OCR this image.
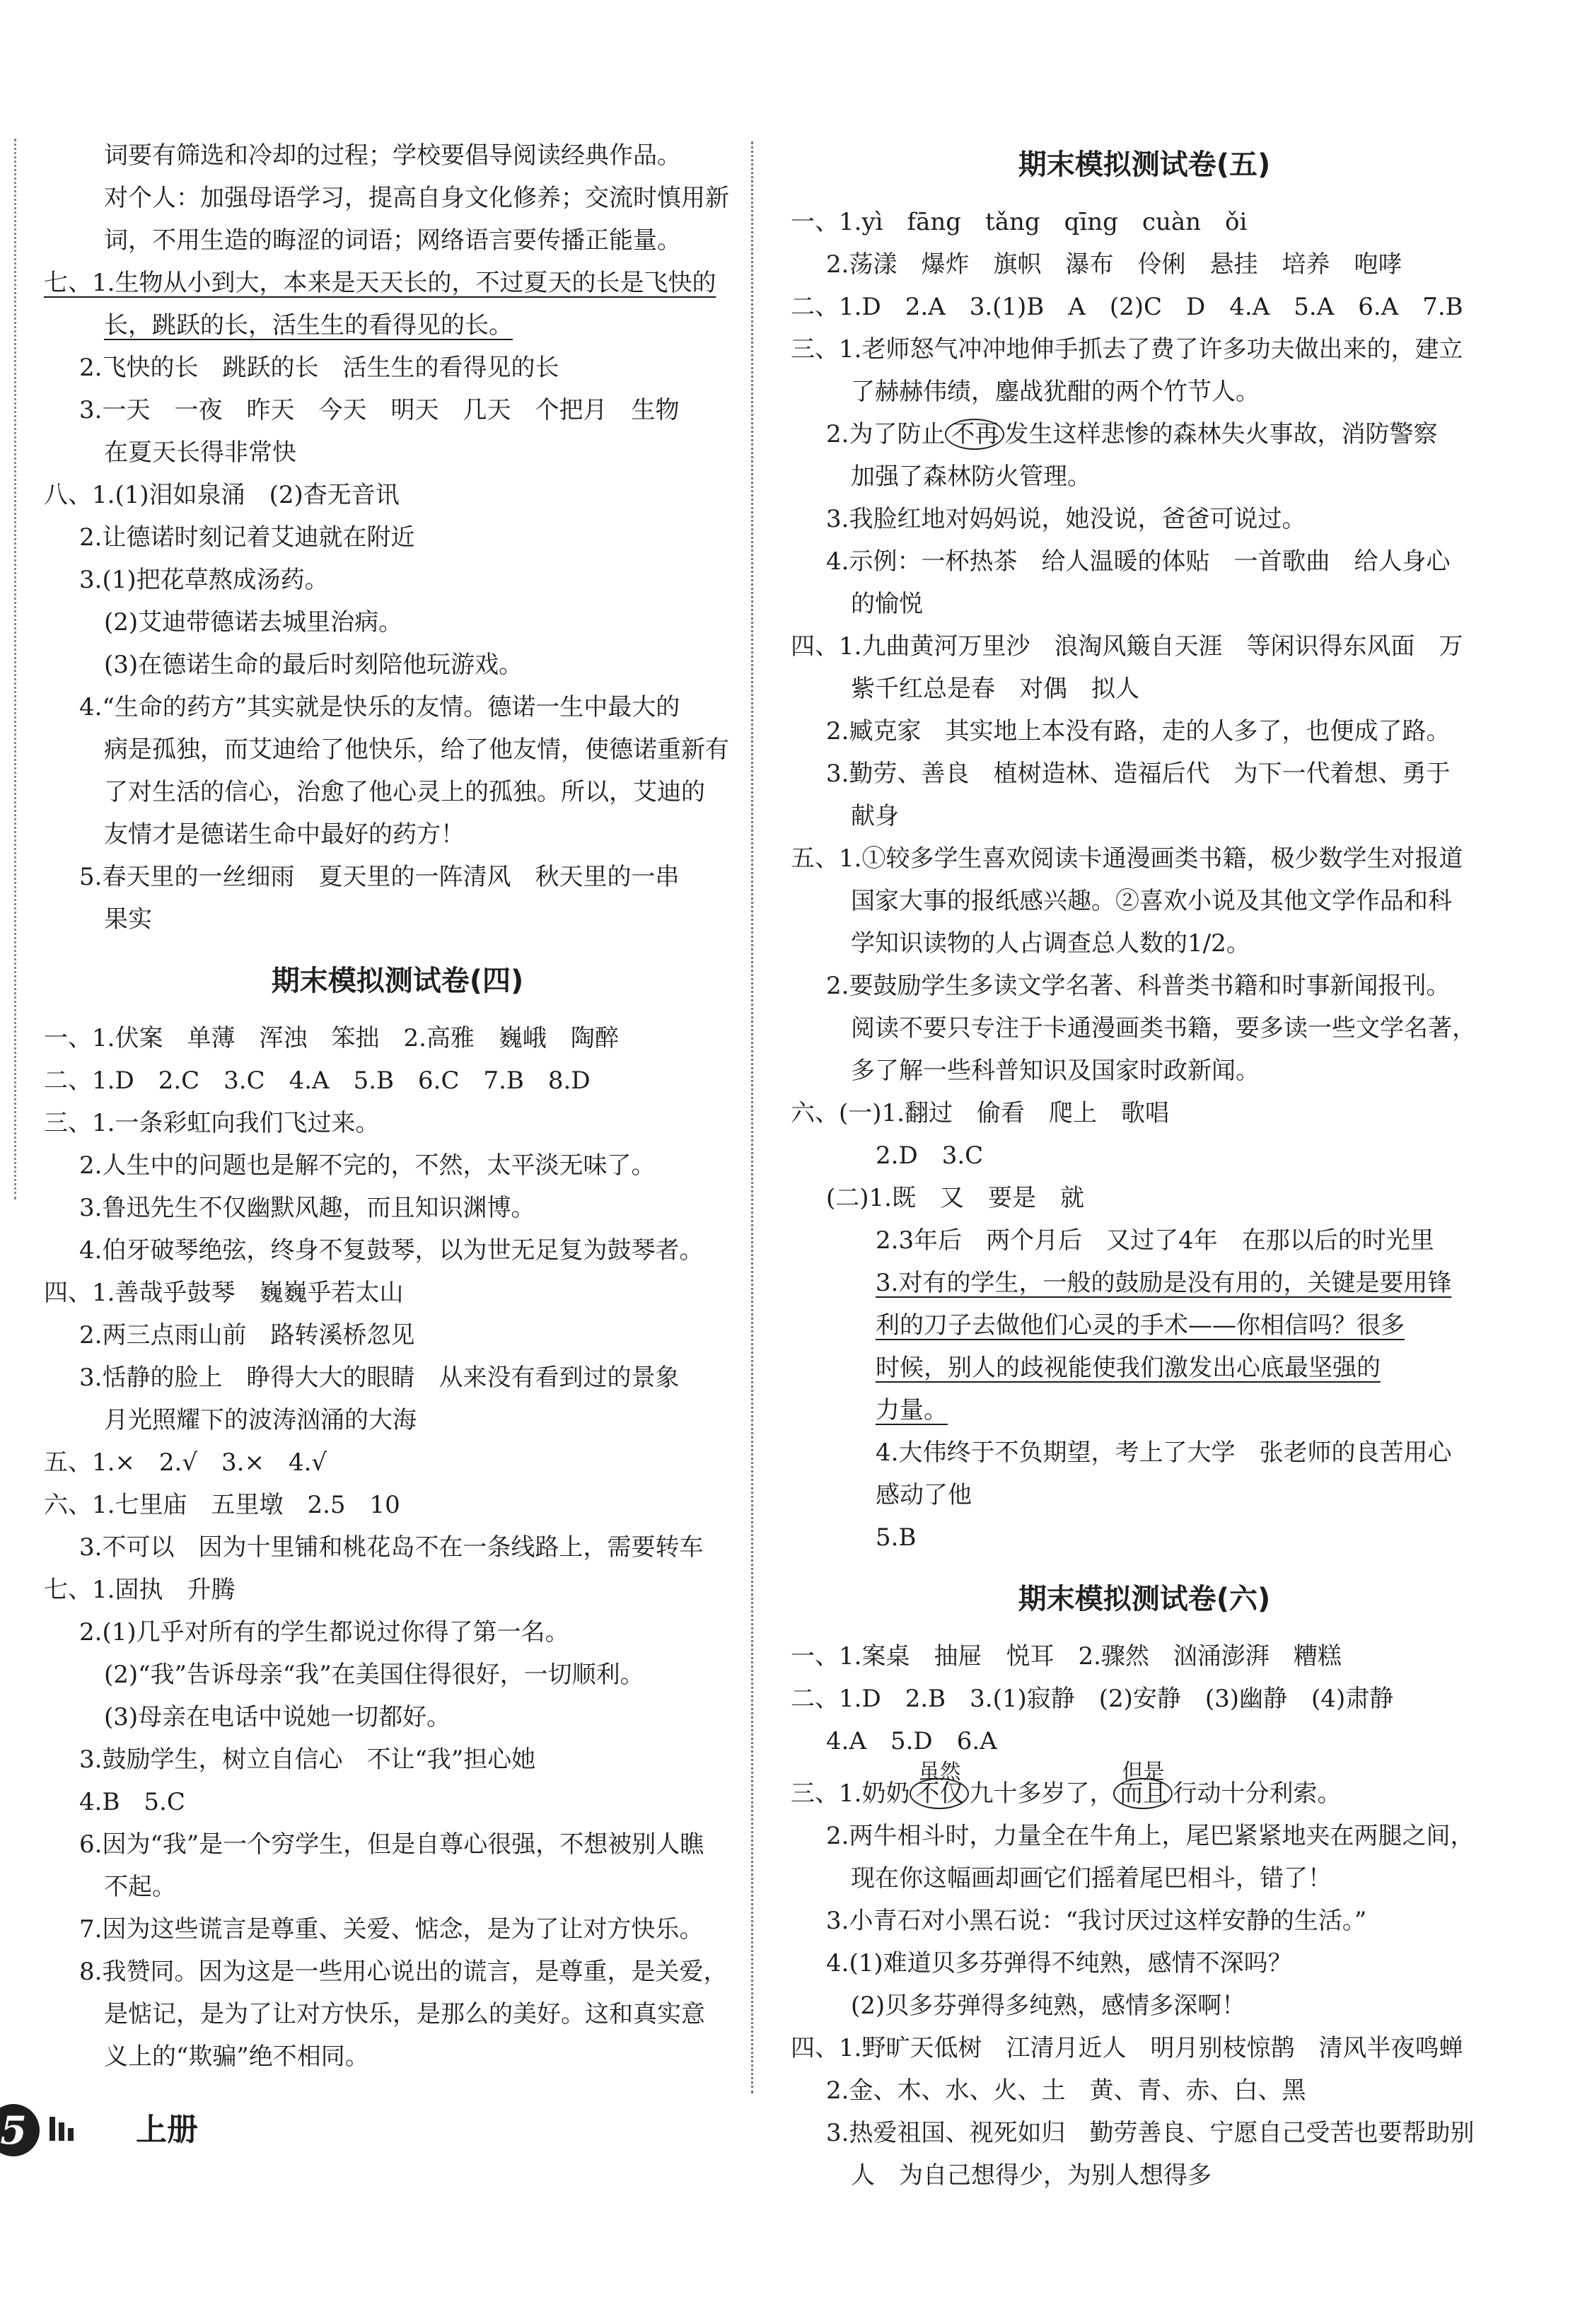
词要有筛选和冷却的过程；学校要倡导阅读经典作品。
对个人：加强母语学习，提高自身文化修养；交流时慎用新
词，不用生造的晦涩的词语；网络语言要传播正能量。
七、1.生物从小到大，本来是天天长的，不过夏天的长是飞快的
长，跳跃的长，活生生的看得见的长。
2.飞快的长　跳跃的长　活生生的看得见的长
3.一天　一夜　昨天　今天　明天　几天　个把月　生物
在夏天长得非常快
八、1.(1)泪如泉涌　(2)杳无音讯
2.让德诺时刻记着艾迪就在附近
3.(1)把花草熬成汤药。
(2)艾迪带德诺去城里治病。
(3)在德诺生命的最后时刻陪他玩游戏。
4.“生命的药方”其实就是快乐的友情。德诺一生中最大的
病是孤独，而艾迪给了他快乐，给了他友情，使德诺重新有
了对生活的信心，治愈了他心灵上的孤独。所以，艾迪的
友情才是德诺生命中最好的药方！
5.春天里的一丝细雨　夏天里的一阵清风　秋天里的一串
果实
期末模拟测试卷(四)
一、1.伏案　单薄　浑浊　笨拙　2.高雅　巍峨　陶醉
二、1.D　2.C　3.C　4.A　5.B　6.C　7.B　8.D
三、1.一条彩虹向我们飞过来。
2.人生中的问题也是解不完的，不然，太平淡无味了。
3.鲁迅先生不仅幽默风趣，而且知识渊博。
4.伯牙破琴绝弦，终身不复鼓琴，以为世无足复为鼓琴者。
四、1.善哉乎鼓琴　巍巍乎若太山
2.两三点雨山前　路转溪桥忽见
3.恬静的脸上　睁得大大的眼睛　从来没有看到过的景象
月光照耀下的波涛汹涌的大海
五、1.×　2.√　3.×　4.√
六、1.七里庙　五里墩　2.5　10
3.不可以　因为十里铺和桃花岛不在一条线路上，需要转车
七、1.固执　升腾
2.(1)几乎对所有的学生都说过你得了第一名。
(2)“我”告诉母亲“我”在美国住得很好，一切顺利。
(3)母亲在电话中说她一切都好。
3.鼓励学生，树立自信心　不让“我”担心她
4.B　5.C
6.因为“我”是一个穷学生，但是自尊心很强，不想被别人瞧
不起。
7.因为这些谎言是尊重、关爱、惦念，是为了让对方快乐。
8.我赞同。因为这是一些用心说出的谎言，是尊重，是关爱，
是惦记，是为了让对方快乐，是那么的美好。这和真实意
义上的“欺骗”绝不相同。
期末模拟测试卷(五)
一、1.yì　fāng　tǎng　qīng　cuàn　ǒi
2.荡漾　爆炸　旗帜　瀑布　伶俐　悬挂　培养　咆哮
二、1.D　2.A　3.(1)B　A　(2)C　D　4.A　5.A　6.A　7.B
三、1.老师怒气冲冲地伸手抓去了费了许多功夫做出来的，建立
了赫赫伟绩，鏖战犹酣的两个竹节人。
2.为了防止 不再 发生这样悲惨的森林失火事故，消防警察
加强了森林防火管理。
3.我脸红地对妈妈说，她没说，爸爸可说过。
4.示例：一杯热茶　给人温暖的体贴　一首歌曲　给人身心
的愉悦
四、1.九曲黄河万里沙　浪淘风簸自天涯　等闲识得东风面　万
紫千红总是春　对偶　拟人
2.臧克家　其实地上本没有路，走的人多了，也便成了路。
3.勤劳、善良　植树造林、造福后代　为下一代着想、勇于
献身
五、1.①较多学生喜欢阅读卡通漫画类书籍，极少数学生对报道
国家大事的报纸感兴趣。②喜欢小说及其他文学作品和科
学知识读物的人占调查总人数的1/2。
2.要鼓励学生多读文学名著、科普类书籍和时事新闻报刊。
阅读不要只专注于卡通漫画类书籍，要多读一些文学名著，
多了解一些科普知识及国家时政新闻。
六、(一)1.翻过　偷看　爬上　歌唱
2.D　3.C
(二)1.既　又　要是　就
2.3年后　两个月后　又过了4年　在那以后的时光里
3.对有的学生，一般的鼓励是没有用的，关键是要用锋
利的刀子去做他们心灵的手术——你相信吗？很多
时候，别人的歧视能使我们激发出心底最坚强的
力量。
4.大伟终于不负期望，考上了大学　张老师的良苦用心
感动了他
5.B
期末模拟测试卷(六)
一、1.案桌　抽屉　悦耳　2.骤然　汹涌澎湃　糟糕
二、1.D　2.B　3.(1)寂静　(2)安静　(3)幽静　(4)肃静
4.A　5.D　6.A
三、1.奶奶 不仅
虽然
九十多岁了， 而且
但是
行动十分利索。
2.两牛相斗时，力量全在牛角上，尾巴紧紧地夹在两腿之间，
现在你这幅画却画它们摇着尾巴相斗，错了！
3.小青石对小黑石说：“我讨厌过这样安静的生活。”
4.(1)难道贝多芬弹得不纯熟，感情不深吗？
(2)贝多芬弹得多纯熟，感情多深啊！
四、1.野旷天低树　江清月近人　明月别枝惊鹊　清风半夜鸣蝉
2.金、木、水、火、土　黄、青、赤、白、黑
3.热爱祖国、视死如归　勤劳善良、宁愿自己受苦也要帮助别
人　为自己想得少，为别人想得多
5	上册
